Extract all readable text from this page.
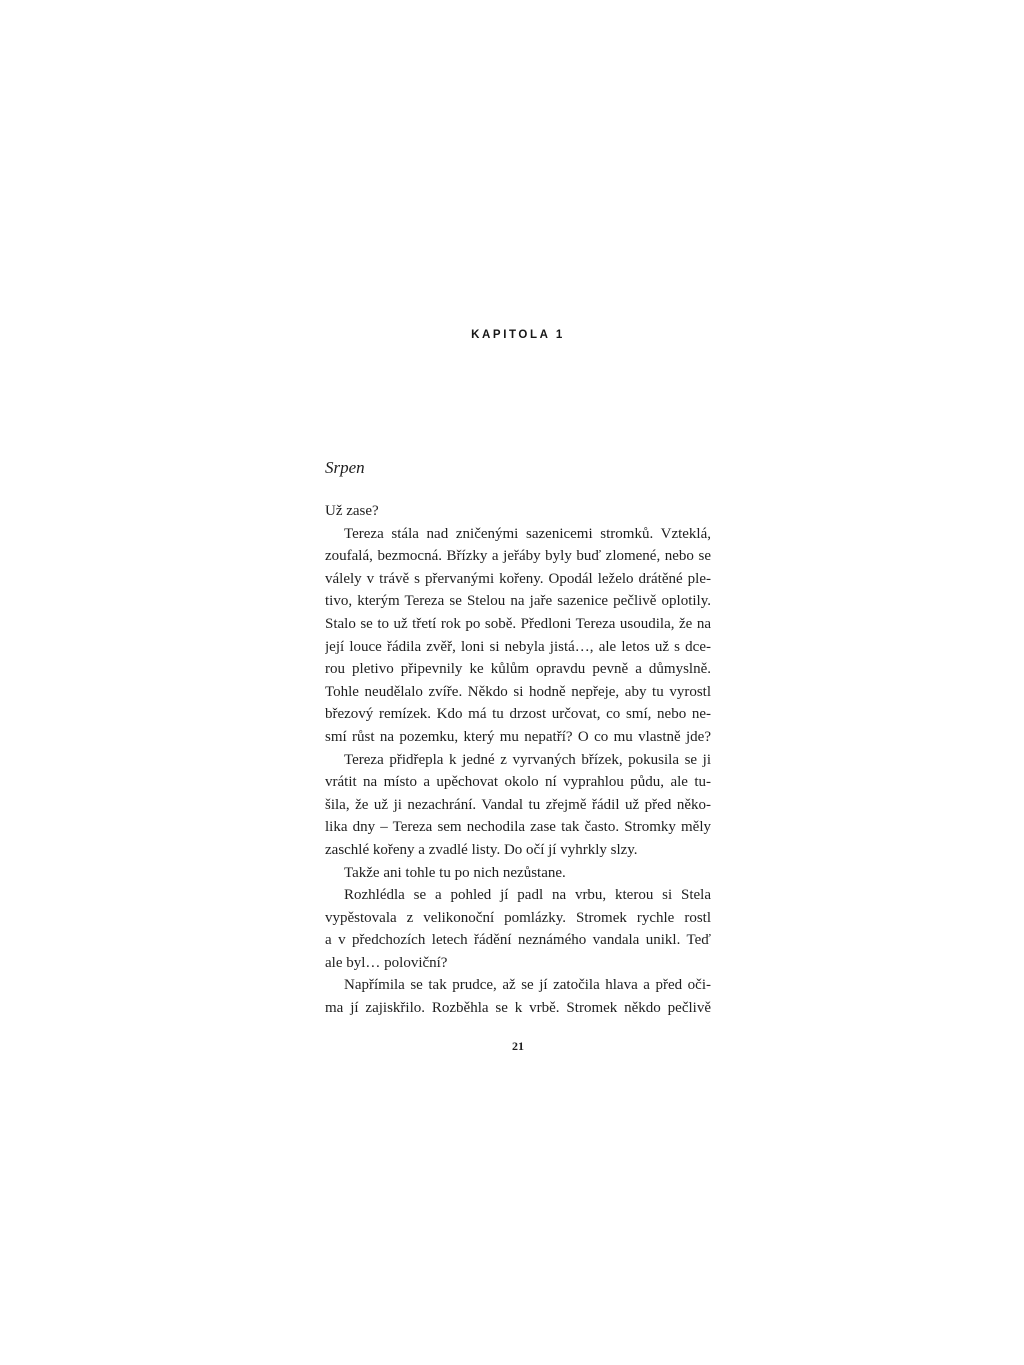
KAPITOLA 1
Srpen
Už zase?
Tereza stála nad zničenými sazenicemi stromků. Vzteklá,
zoufalá, bezmocná. Břízky a jeřáby byly buď zlomené, nebo se
válely v trávě s přervanými kořeny. Opodál leželo drátěné ple-
tivo, kterým Tereza se Stelou na jaře sazenice pečlivě oplotily.
Stalo se to už třetí rok po sobě. Předloni Tereza usoudila, že na
její louce řádila zvěř, loni si nebyla jistá…, ale letos už s dce-
rou pletivo připevnily ke kůlům opravdu pevně a důmyslně.
Tohle neudělalo zvíře. Někdo si hodně nepřeje, aby tu vyrostl
březový remízek. Kdo má tu drzost určovat, co smí, nebo ne-
smí růst na pozemku, který mu nepatří? O co mu vlastně jde?
Tereza přidřepla k jedné z vyrvaných břízek, pokusila se ji
vrátit na místo a upěchovat okolo ní vyprahlou půdu, ale tu-
šila, že už ji nezachrání. Vandal tu zřejmě řádil už před něko-
lika dny – Tereza sem nechodila zase tak často. Stromky měly
zaschlé kořeny a zvadlé listy. Do očí jí vyhrkly slzy.
Takže ani tohle tu po nich nezůstane.
Rozhlédla se a pohled jí padl na vrbu, kterou si Stela
vypěstovala z velikonoční pomlázky. Stromek rychle rostl
a v předchozích letech řádění neznámého vandala unikl. Teď
ale byl… poloviční?
Napřímila se tak prudce, až se jí zatočila hlava a před oči-
ma jí zajiskřilo. Rozběhla se k vrbě. Stromek někdo pečlivě
21
